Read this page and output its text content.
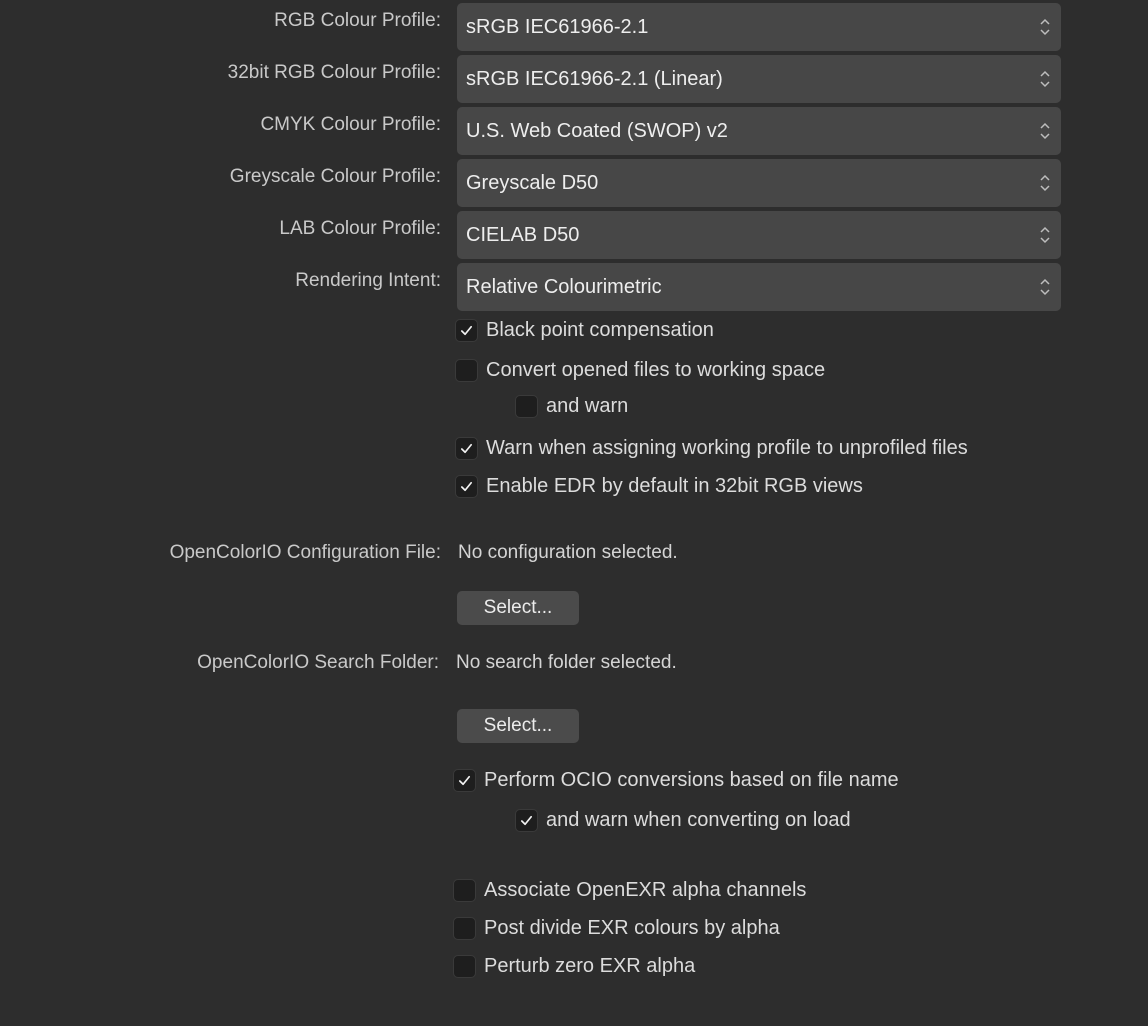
RGB Colour Profile: sRGB IEC61966-2.1
32bit RGB Colour Profile: sRGB IEC61966-2.1 (Linear)
CMYK Colour Profile: U.S. Web Coated (SWOP) v2
Greyscale Colour Profile: Greyscale D50
LAB Colour Profile: CIELAB D50
Rendering Intent: Relative Colourimetric
Black point compensation
Convert opened files to working space
and warn
Warn when assigning working profile to unprofiled files
Enable EDR by default in 32bit RGB views
OpenColorIO Configuration File: No configuration selected.
Select...
OpenColorIO Search Folder: No search folder selected.
Select...
Perform OCIO conversions based on file name
and warn when converting on load
Associate OpenEXR alpha channels
Post divide EXR colours by alpha
Perturb zero EXR alpha
